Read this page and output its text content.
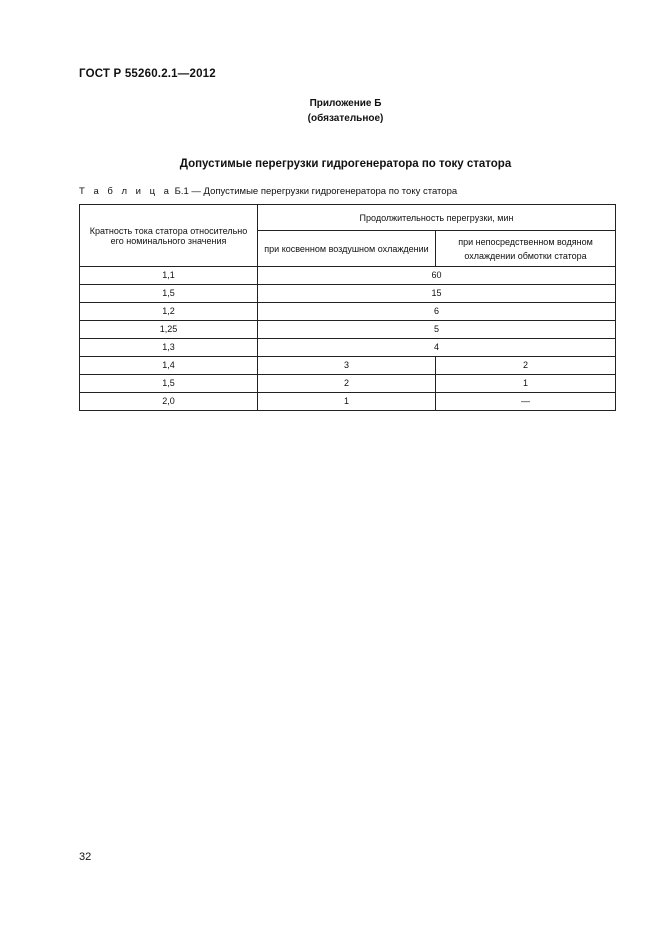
ГОСТ Р 55260.2.1—2012
Приложение Б
(обязательное)
Допустимые перегрузки гидрогенератора по току статора
Т а б л и ц а Б.1 — Допустимые перегрузки гидрогенератора по току статора
Кратность тока статора относительно его номинального значения	Продолжительность перегрузки, мин	
	при косвенном воздушном охлаждении	при непосредственном водяном охлаждении обмотки статора
1,1	60	
1,5	15	
1,2	6	
1,25	5	
1,3	4	
1,4	3	2
1,5	2	1
2,0	1	—
32
